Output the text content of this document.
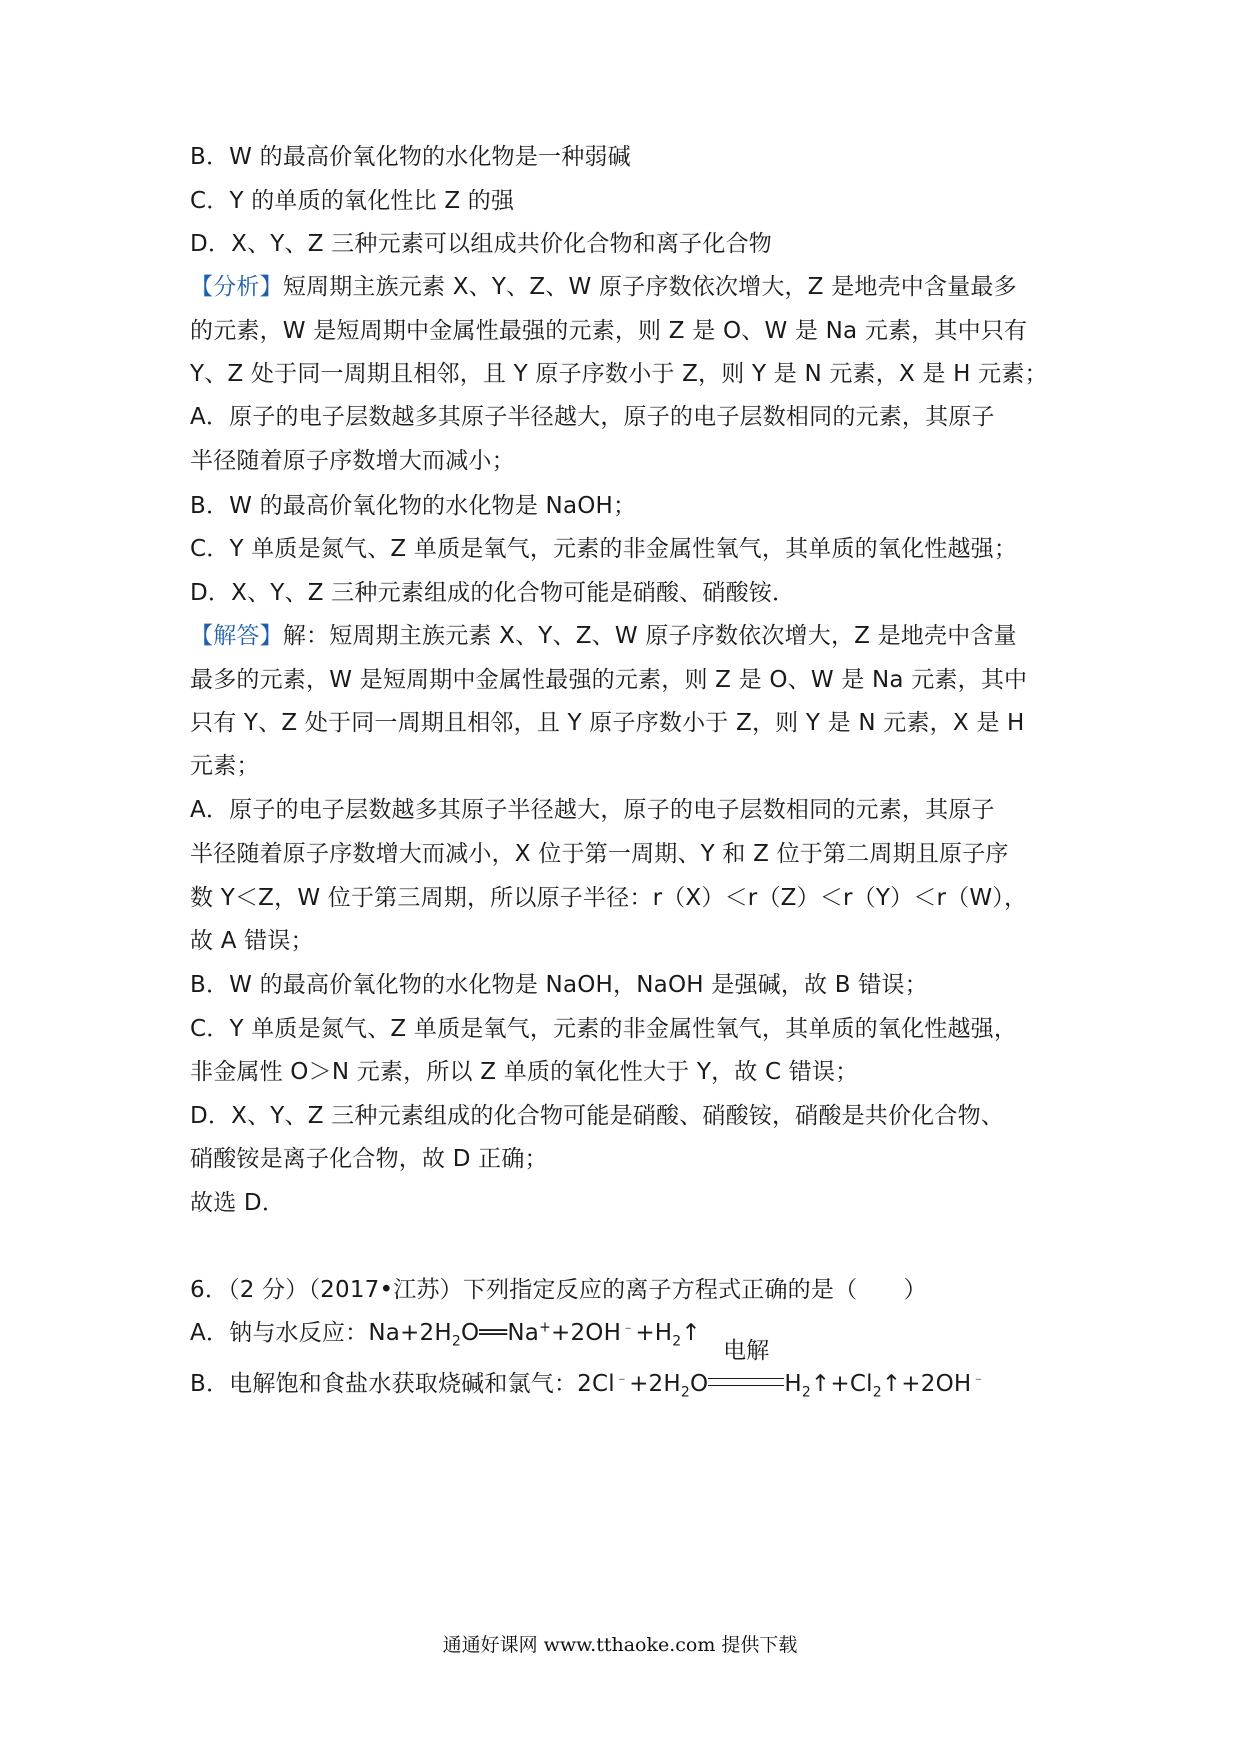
B．W 的最高价氧化物的水化物是一种弱碱
C．Y 的单质的氧化性比 Z 的强
D．X、Y、Z 三种元素可以组成共价化合物和离子化合物
【分析】短周期主族元素 X、Y、Z、W 原子序数依次增大，Z 是地壳中含量最多
的元素，W 是短周期中金属性最强的元素，则 Z 是 O、W 是 Na 元素，其中只有
Y、Z 处于同一周期且相邻，且 Y 原子序数小于 Z，则 Y 是 N 元素，X 是 H 元素；
A．原子的电子层数越多其原子半径越大，原子的电子层数相同的元素，其原子
半径随着原子序数增大而减小；
B．W 的最高价氧化物的水化物是 NaOH；
C．Y 单质是氮气、Z 单质是氧气，元素的非金属性氧气，其单质的氧化性越强；
D．X、Y、Z 三种元素组成的化合物可能是硝酸、硝酸铵．
【解答】解：短周期主族元素 X、Y、Z、W 原子序数依次增大，Z 是地壳中含量
最多的元素，W 是短周期中金属性最强的元素，则 Z 是 O、W 是 Na 元素，其中
只有 Y、Z 处于同一周期且相邻，且 Y 原子序数小于 Z，则 Y 是 N 元素，X 是 H
元素；
A．原子的电子层数越多其原子半径越大，原子的电子层数相同的元素，其原子
半径随着原子序数增大而减小，X 位于第一周期、Y 和 Z 位于第二周期且原子序
数 Y＜Z，W 位于第三周期，所以原子半径：r（X）＜r（Z）＜r（Y）＜r（W），
故 A 错误；
B．W 的最高价氧化物的水化物是 NaOH，NaOH 是强碱，故 B 错误；
C．Y 单质是氮气、Z 单质是氧气，元素的非金属性氧气，其单质的氧化性越强，
非金属性 O＞N 元素，所以 Z 单质的氧化性大于 Y，故 C 错误；
D．X、Y、Z 三种元素组成的化合物可能是硝酸、硝酸铵，硝酸是共价化合物、
硝酸铵是离子化合物，故 D 正确；
故选 D．
6．（2 分）（2017•江苏）下列指定反应的离子方程式正确的是（　　）
A．钠与水反应：$Na+2H_2O══Na^++2OH^﹣+H_2↑$
B．电解饱和食盐水获取烧碱和氯气：$2Cl^﹣+2H_2O$
电解
$H_2↑+Cl_2↑+2OH^﹣$
通通好课网 www.tthaoke.com 提供下载
